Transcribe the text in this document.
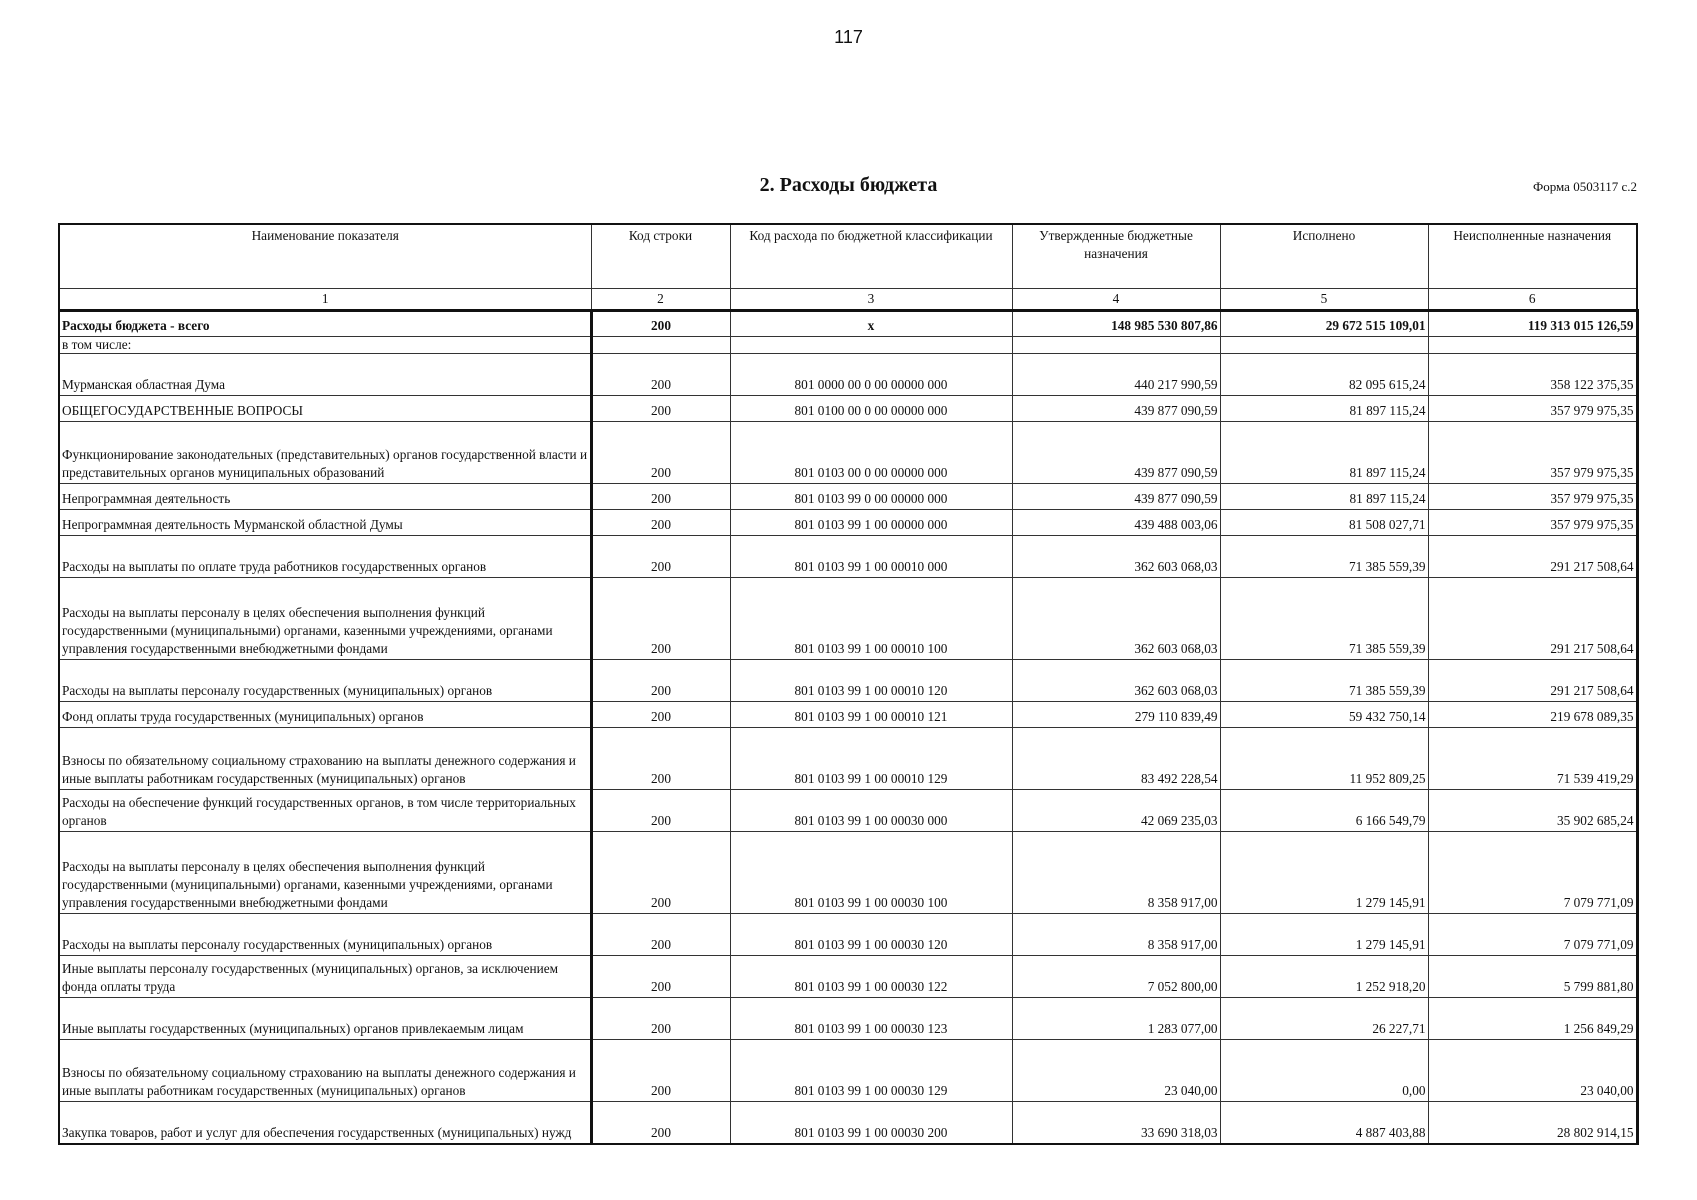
117
2. Расходы бюджета	Форма 0503117 с.2
Наименование показателя	Код строки	Код расхода по бюджетной классификации	Утвержденные бюджетные назначения	Исполнено	Неисполненные назначения
1	2	3	4	5	6
Расходы бюджета - всего	200	x	148 985 530 807,86	29 672 515 109,01	119 313 015 126,59
в том числе:					
Мурманская областная Дума	200	801 0000 00 0 00 00000 000	440 217 990,59	82 095 615,24	358 122 375,35
ОБЩЕГОСУДАРСТВЕННЫЕ ВОПРОСЫ	200	801 0100 00 0 00 00000 000	439 877 090,59	81 897 115,24	357 979 975,35
Функционирование законодательных (представительных) органов государственной власти и представительных органов муниципальных образований	200	801 0103 00 0 00 00000 000	439 877 090,59	81 897 115,24	357 979 975,35
Непрограммная деятельность	200	801 0103 99 0 00 00000 000	439 877 090,59	81 897 115,24	357 979 975,35
Непрограммная деятельность Мурманской областной Думы	200	801 0103 99 1 00 00000 000	439 488 003,06	81 508 027,71	357 979 975,35
Расходы на выплаты по оплате труда работников государственных органов	200	801 0103 99 1 00 00010 000	362 603 068,03	71 385 559,39	291 217 508,64
Расходы на выплаты персоналу в целях обеспечения выполнения функций государственными (муниципальными) органами, казенными учреждениями, органами управления государственными внебюджетными фондами	200	801 0103 99 1 00 00010 100	362 603 068,03	71 385 559,39	291 217 508,64
Расходы на выплаты персоналу государственных (муниципальных) органов	200	801 0103 99 1 00 00010 120	362 603 068,03	71 385 559,39	291 217 508,64
Фонд оплаты труда государственных (муниципальных) органов	200	801 0103 99 1 00 00010 121	279 110 839,49	59 432 750,14	219 678 089,35
Взносы по обязательному социальному страхованию на выплаты денежного содержания и иные выплаты работникам государственных (муниципальных) органов	200	801 0103 99 1 00 00010 129	83 492 228,54	11 952 809,25	71 539 419,29
Расходы на обеспечение функций государственных органов, в том числе территориальных органов	200	801 0103 99 1 00 00030 000	42 069 235,03	6 166 549,79	35 902 685,24
Расходы на выплаты персоналу в целях обеспечения выполнения функций государственными (муниципальными) органами, казенными учреждениями, органами управления государственными внебюджетными фондами	200	801 0103 99 1 00 00030 100	8 358 917,00	1 279 145,91	7 079 771,09
Расходы на выплаты персоналу государственных (муниципальных) органов	200	801 0103 99 1 00 00030 120	8 358 917,00	1 279 145,91	7 079 771,09
Иные выплаты персоналу государственных (муниципальных) органов, за исключением фонда оплаты труда	200	801 0103 99 1 00 00030 122	7 052 800,00	1 252 918,20	5 799 881,80
Иные выплаты государственных (муниципальных) органов привлекаемым лицам	200	801 0103 99 1 00 00030 123	1 283 077,00	26 227,71	1 256 849,29
Взносы по обязательному социальному страхованию на выплаты денежного содержания и иные выплаты работникам государственных (муниципальных) органов	200	801 0103 99 1 00 00030 129	23 040,00	0,00	23 040,00
Закупка товаров, работ и услуг для обеспечения государственных (муниципальных) нужд	200	801 0103 99 1 00 00030 200	33 690 318,03	4 887 403,88	28 802 914,15
